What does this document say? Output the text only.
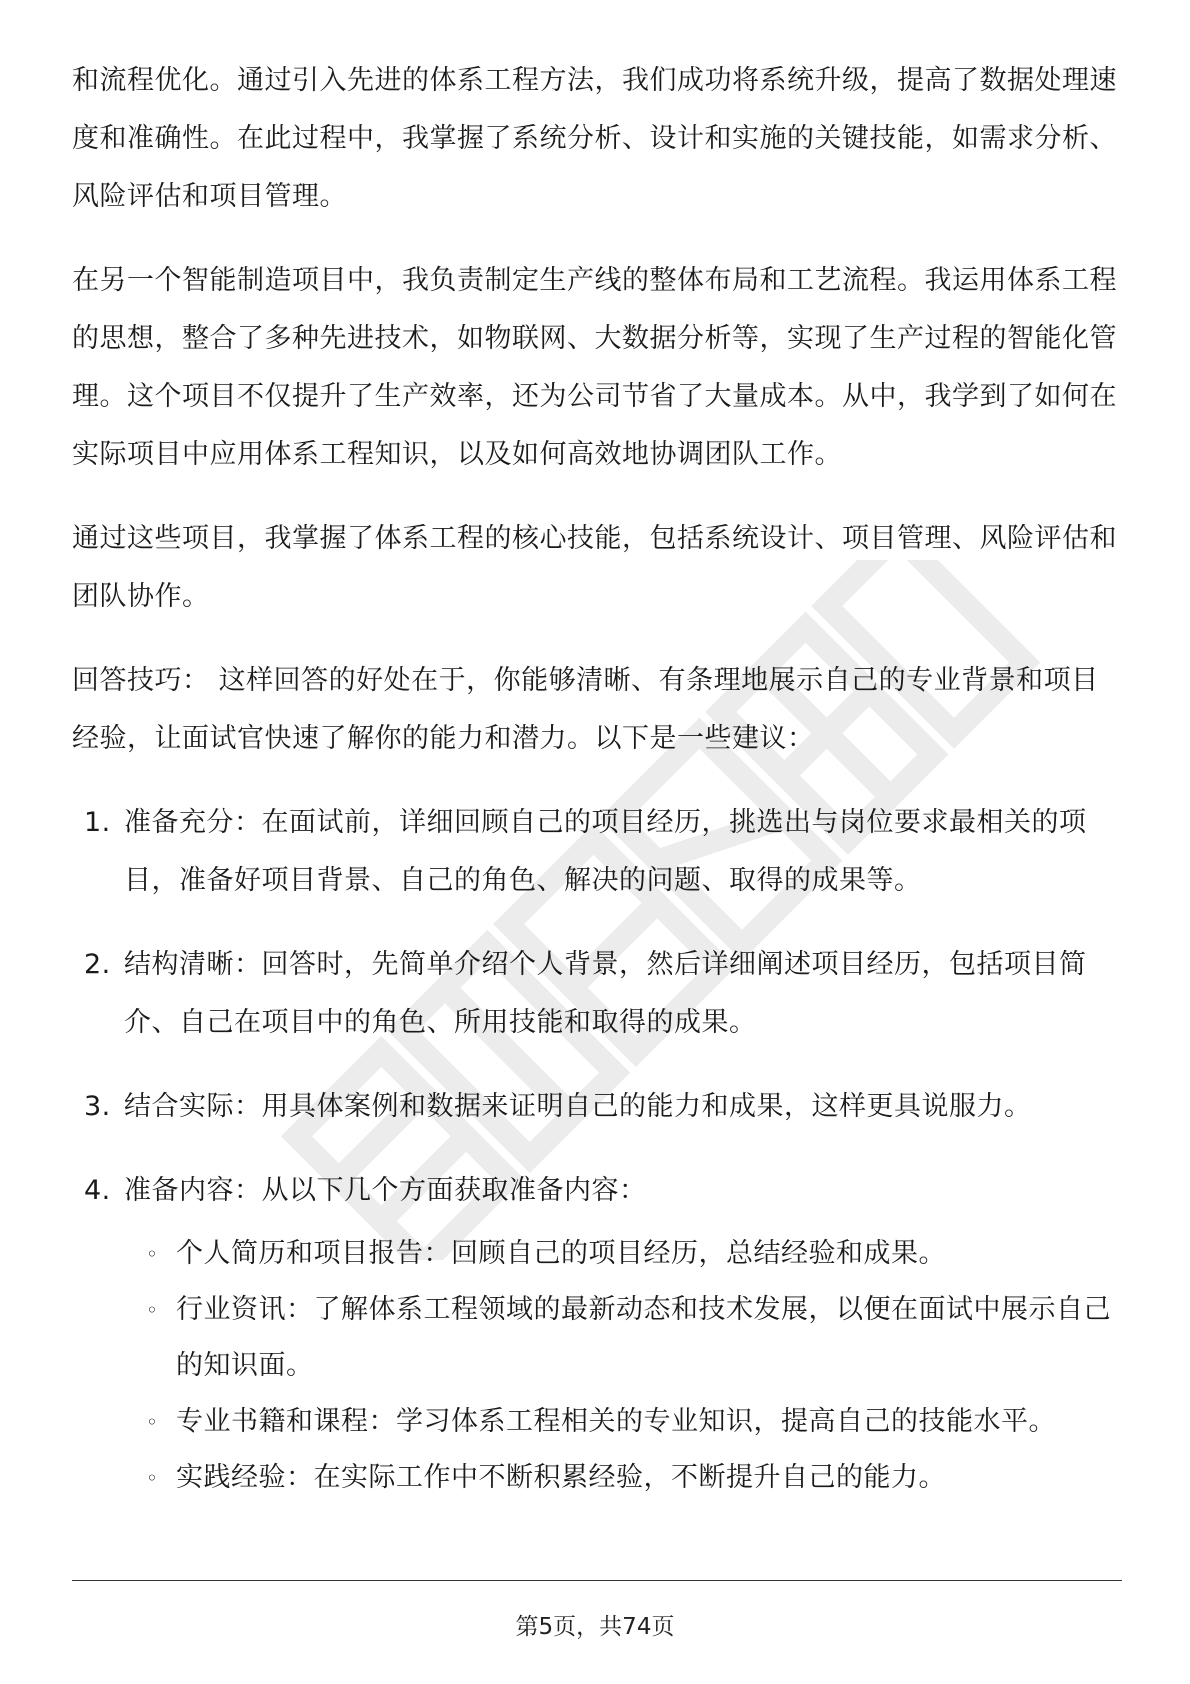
和流程优化。通过引入先进的体系工程方法，我们成功将系统升级，提高了数据处理速度和准确性。在此过程中，我掌握了系统分析、设计和实施的关键技能，如需求分析、风险评估和项目管理。

在另一个智能制造项目中，我负责制定生产线的整体布局和工艺流程。我运用体系工程的思想，整合了多种先进技术，如物联网、大数据分析等，实现了生产过程的智能化管理。这个项目不仅提升了生产效率，还为公司节省了大量成本。从中，我学到了如何在实际项目中应用体系工程知识，以及如何高效地协调团队工作。

通过这些项目，我掌握了体系工程的核心技能，包括系统设计、项目管理、风险评估和团队协作。

回答技巧： 这样回答的好处在于，你能够清晰、有条理地展示自己的专业背景和项目经验，让面试官快速了解你的能力和潜力。以下是一些建议：

1. 准备充分：在面试前，详细回顾自己的项目经历，挑选出与岗位要求最相关的项目，准备好项目背景、自己的角色、解决的问题、取得的成果等。
2. 结构清晰：回答时，先简单介绍个人背景，然后详细阐述项目经历，包括项目简介、自己在项目中的角色、所用技能和取得的成果。
3. 结合实际：用具体案例和数据来证明自己的能力和成果，这样更具说服力。
4. 准备内容：从以下几个方面获取准备内容：
◦ 个人简历和项目报告：回顾自己的项目经历，总结经验和成果。
◦ 行业资讯：了解体系工程领域的最新动态和技术发展，以便在面试中展示自己的知识面。
◦ 专业书籍和课程：学习体系工程相关的专业知识，提高自己的技能水平。
◦ 实践经验：在实际工作中不断积累经验，不断提升自己的能力。
第5页，共74页
